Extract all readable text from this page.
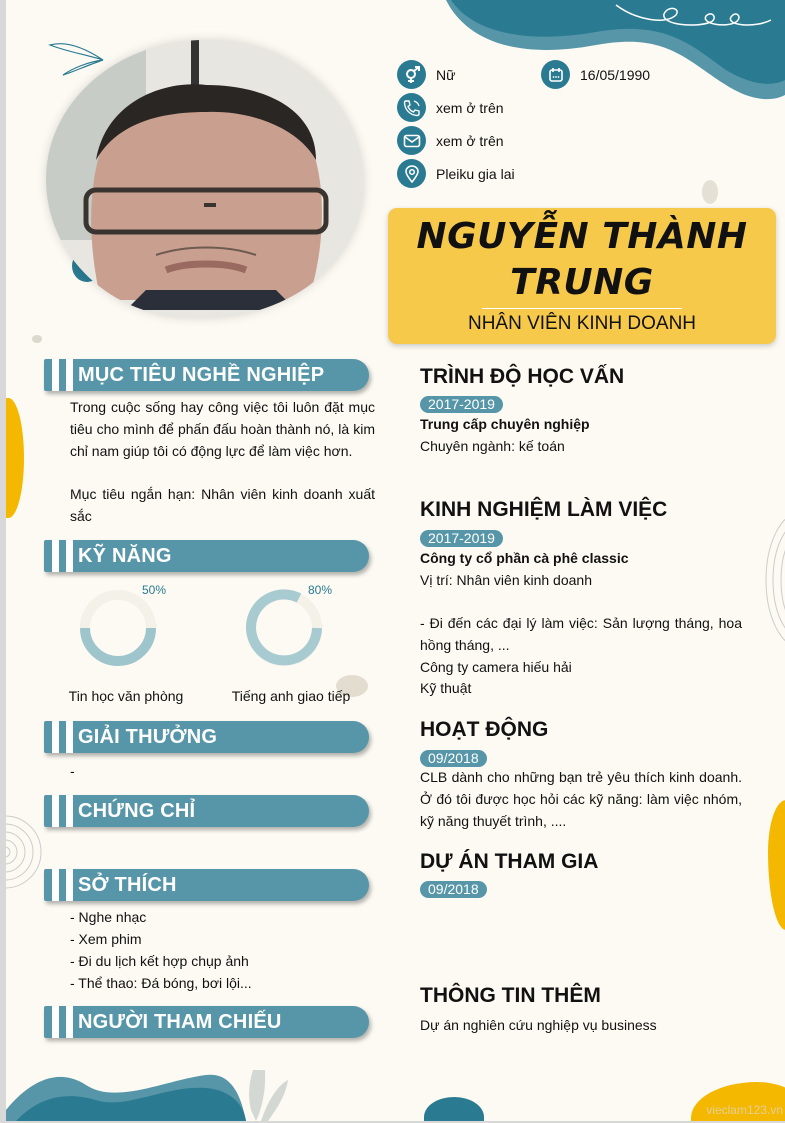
Nữ	16/05/1990
xem ở trên
xem ở trên
Pleiku gia lai
NGUYỄN THÀNH
TRUNG
NHÂN VIÊN KINH DOANH
MỤC TIÊU NGHỀ NGHIỆP
Trong cuộc sống hay công việc tôi luôn đặt mục tiêu cho mình để phấn đấu hoàn thành nó, là kim chỉ nam giúp tôi có động lực để làm việc hơn.
Mục tiêu ngắn hạn: Nhân viên kinh doanh xuất sắc
KỸ NĂNG
50%	80%
Tin học văn phòng	Tiếng anh giao tiếp
GIẢI THƯỞNG
-
CHỨNG CHỈ
SỞ THÍCH
- Nghe nhạc
- Xem phim
- Đi du lịch kết hợp chụp ảnh
- Thể thao: Đá bóng, bơi lội...
NGƯỜI THAM CHIẾU
TRÌNH ĐỘ HỌC VẤN
2017-2019
Trung cấp chuyên nghiệp
Chuyên ngành: kế toán
KINH NGHIỆM LÀM VIỆC
2017-2019
Công ty cổ phần cà phê classic
Vị trí: Nhân viên kinh doanh
- Đi đến các đại lý làm việc: Sản lượng tháng, hoa hồng tháng, ...
Công ty camera hiếu hải
Kỹ thuật
HOẠT ĐỘNG
09/2018
CLB dành cho những bạn trẻ yêu thích kinh doanh. Ở đó tôi được học hỏi các kỹ năng: làm việc nhóm, kỹ năng thuyết trình, ....
DỰ ÁN THAM GIA
09/2018
THÔNG TIN THÊM
Dự án nghiên cứu nghiệp vụ business
vieclam123.vn
